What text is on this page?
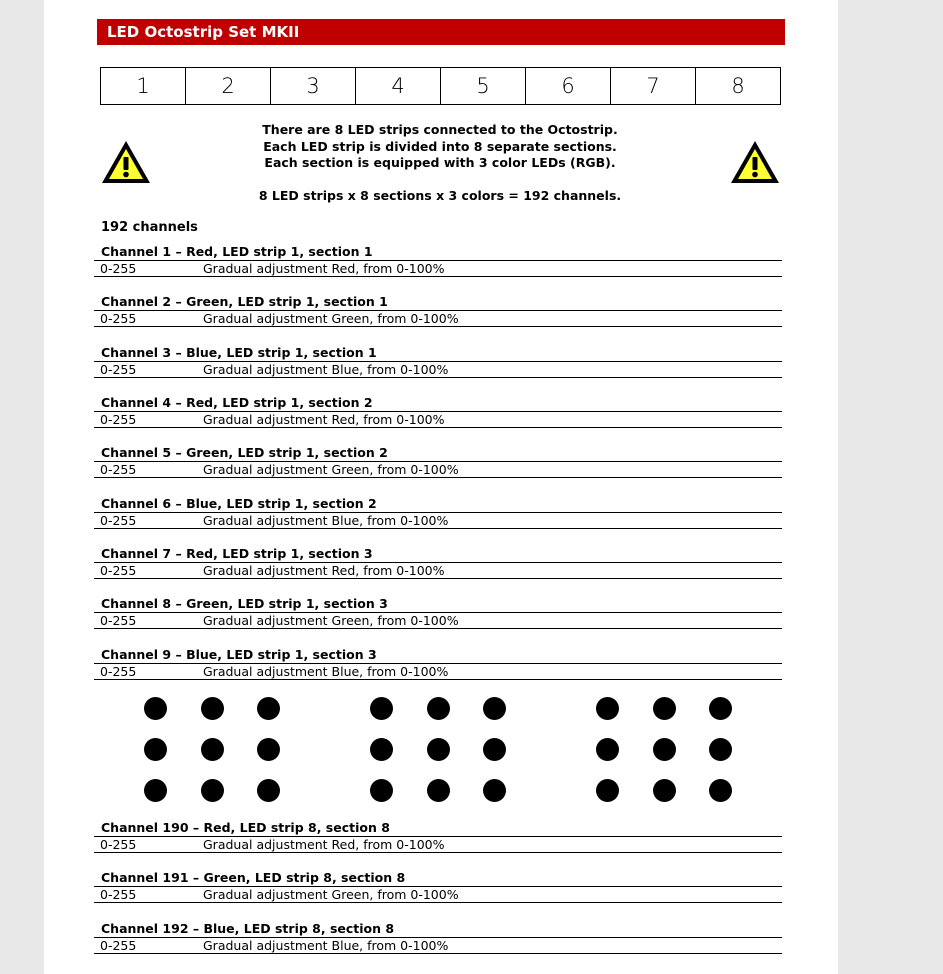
LED Octostrip Set MKII
1	2	3	4	5	6	7	8
There are 8 LED strips connected to the Octostrip.
Each LED strip is divided into 8 separate sections.
Each section is equipped with 3 color LEDs (RGB).
8 LED strips x 8 sections x 3 colors = 192 channels.
192 channels
Channel 1 – Red, LED strip 1, section 1
0-255	Gradual adjustment Red, from 0-100%
Channel 2 – Green, LED strip 1, section 1
0-255	Gradual adjustment Green, from 0-100%
Channel 3 – Blue, LED strip 1, section 1
0-255	Gradual adjustment Blue, from 0-100%
Channel 4 – Red, LED strip 1, section 2
0-255	Gradual adjustment Red, from 0-100%
Channel 5 – Green, LED strip 1, section 2
0-255	Gradual adjustment Green, from 0-100%
Channel 6 – Blue, LED strip 1, section 2
0-255	Gradual adjustment Blue, from 0-100%
Channel 7 – Red, LED strip 1, section 3
0-255	Gradual adjustment Red, from 0-100%
Channel 8 – Green, LED strip 1, section 3
0-255	Gradual adjustment Green, from 0-100%
Channel 9 – Blue, LED strip 1, section 3
0-255	Gradual adjustment Blue, from 0-100%
Channel 190 – Red, LED strip 8, section 8
0-255	Gradual adjustment Red, from 0-100%
Channel 191 – Green, LED strip 8, section 8
0-255	Gradual adjustment Green, from 0-100%
Channel 192 – Blue, LED strip 8, section 8
0-255	Gradual adjustment Blue, from 0-100%
